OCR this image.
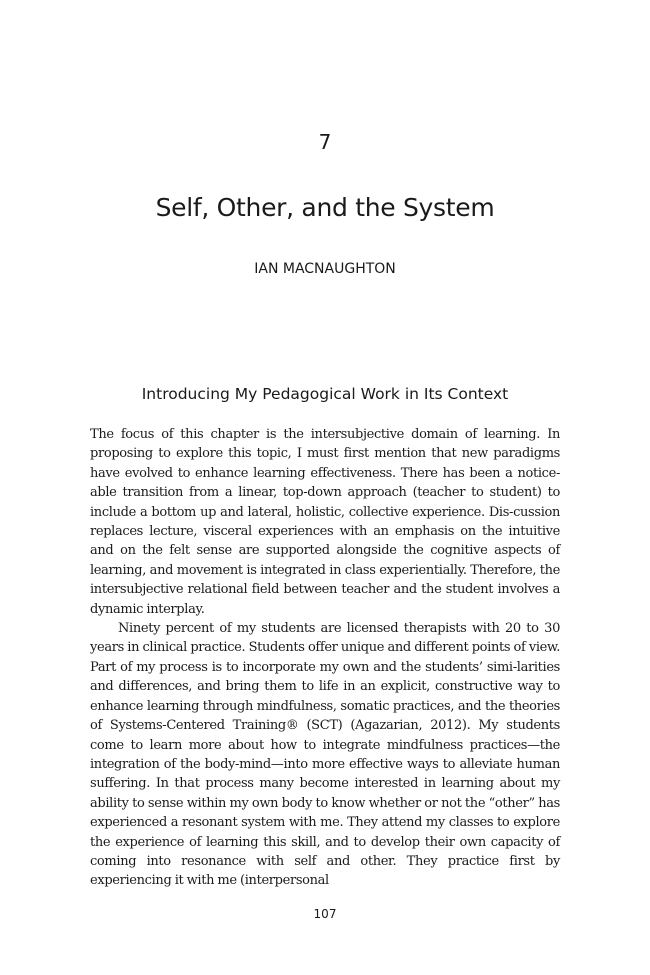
7
Self, Other, and the System
IAN MACNAUGHTON
Introducing My Pedagogical Work in Its Context

The focus of this chapter is the intersubjective domain of learning. In proposing to explore this topic, I must first mention that new paradigms have evolved to enhance learning effectiveness. There has been a notice-able transition from a linear, top-down approach (teacher to student) to include a bottom up and lateral, holistic, collective experience. Dis-cussion replaces lecture, visceral experiences with an emphasis on the intuitive and on the felt sense are supported alongside the cognitive aspects of learning, and movement is integrated in class experientially. Therefore, the intersubjective relational field between teacher and the student involves a dynamic interplay.

Ninety percent of my students are licensed therapists with 20 to 30 years in clinical practice. Students offer unique and different points of view. Part of my process is to incorporate my own and the students’ simi-larities and differences, and bring them to life in an explicit, constructive way to enhance learning through mindfulness, somatic practices, and the theories of Systems-Centered Training® (SCT) (Agazarian, 2012). My students come to learn more about how to integrate mindfulness practices—the integration of the body-mind—into more effective ways to alleviate human suffering. In that process many become interested in learning about my ability to sense within my own body to know whether or not the “other” has experienced a resonant system with me. They attend my classes to explore the experience of learning this skill, and to develop their own capacity of coming into resonance with self and other. They practice first by experiencing it with me (interpersonal

107
